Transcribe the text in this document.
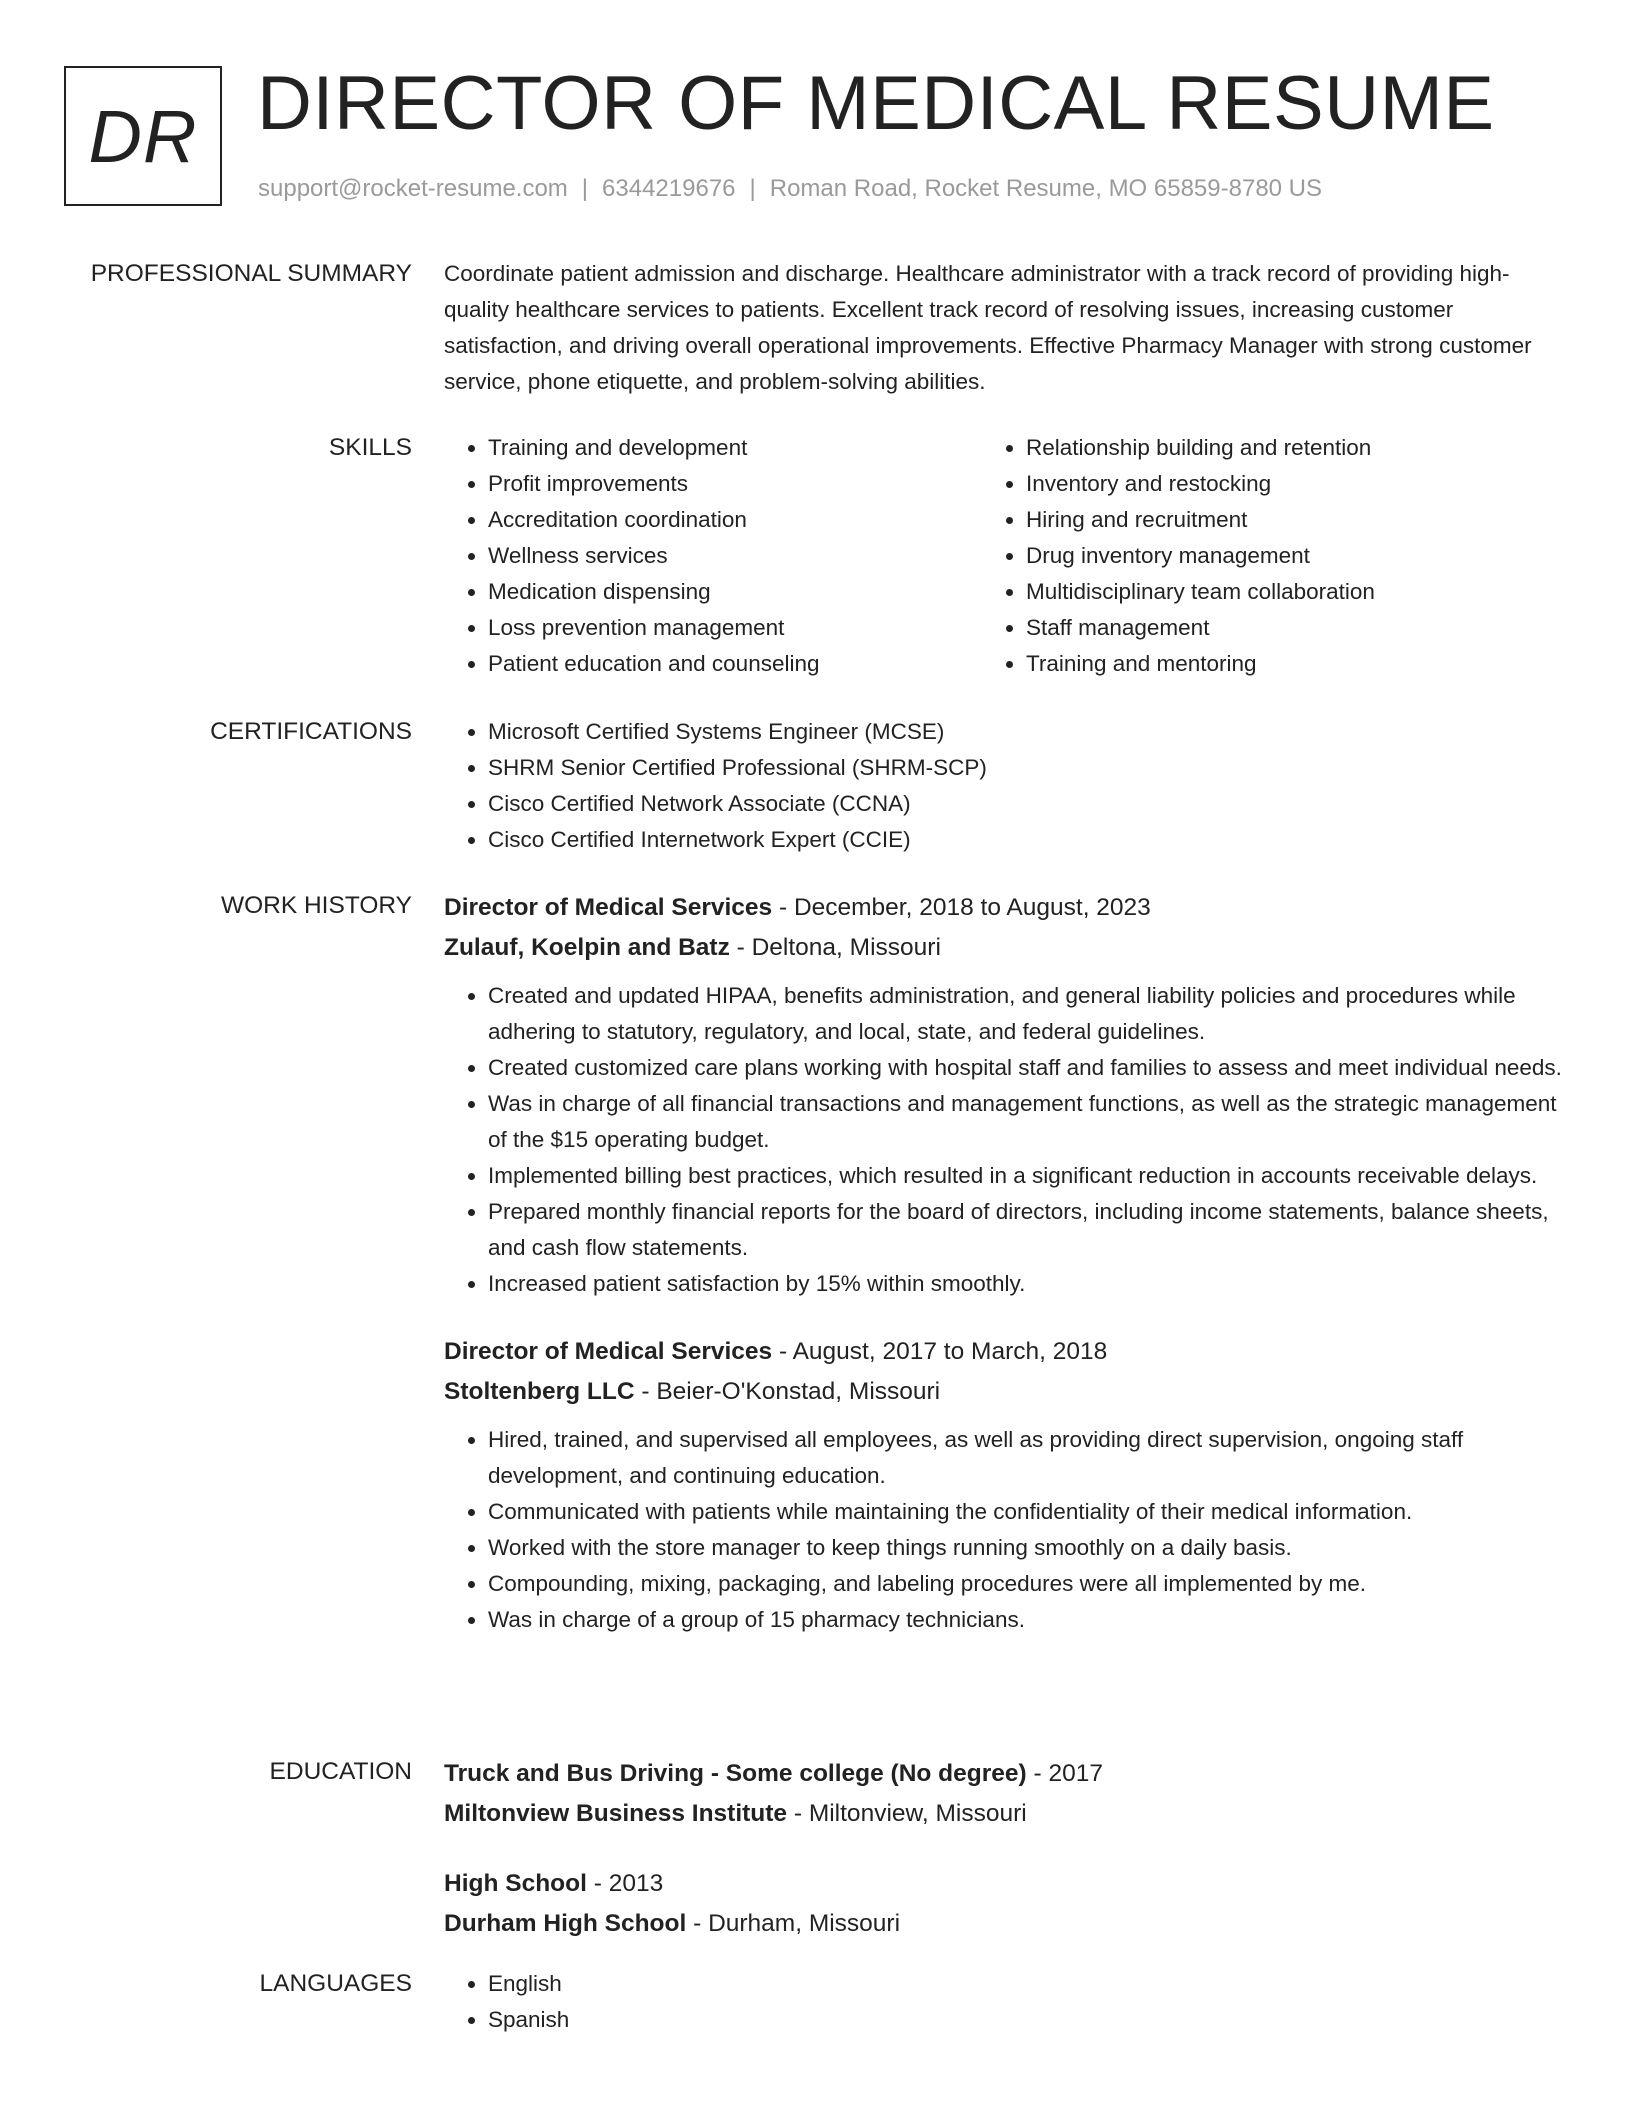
DR DIRECTOR OF MEDICAL RESUME
support@rocket-resume.com | 6344219676 | Roman Road, Rocket Resume, MO 65859-8780 US
PROFESSIONAL SUMMARY Coordinate patient admission and discharge. Healthcare administrator with a track record of providing high-quality healthcare services to patients. Excellent track record of resolving issues, increasing customer satisfaction, and driving overall operational improvements. Effective Pharmacy Manager with strong customer service, phone etiquette, and problem-solving abilities.
SKILLS	• Training and development
• Profit improvements
• Accreditation coordination
• Wellness services
• Medication dispensing
• Loss prevention management
• Patient education and counseling
• Relationship building and retention
• Inventory and restocking
• Hiring and recruitment
• Drug inventory management
• Multidisciplinary team collaboration
• Staff management
• Training and mentoring
CERTIFICATIONS	• Microsoft Certified Systems Engineer (MCSE)
• SHRM Senior Certified Professional (SHRM-SCP)
• Cisco Certified Network Associate (CCNA)
• Cisco Certified Internetwork Expert (CCIE)
WORK HISTORY Director of Medical Services - December, 2018 to August, 2023
Zulauf, Koelpin and Batz - Deltona, Missouri
• Created and updated HIPAA, benefits administration, and general liability policies and procedures while adhering to statutory, regulatory, and local, state, and federal guidelines.
• Created customized care plans working with hospital staff and families to assess and meet individual needs.
• Was in charge of all financial transactions and management functions, as well as the strategic management of the $15 operating budget.
• Implemented billing best practices, which resulted in a significant reduction in accounts receivable delays.
• Prepared monthly financial reports for the board of directors, including income statements, balance sheets, and cash flow statements.
• Increased patient satisfaction by 15% within smoothly.
Director of Medical Services - August, 2017 to March, 2018
Stoltenberg LLC - Beier-O'Konstad, Missouri
• Hired, trained, and supervised all employees, as well as providing direct supervision, ongoing staff development, and continuing education.
• Communicated with patients while maintaining the confidentiality of their medical information.
• Worked with the store manager to keep things running smoothly on a daily basis.
• Compounding, mixing, packaging, and labeling procedures were all implemented by me.
• Was in charge of a group of 15 pharmacy technicians.
EDUCATION Truck and Bus Driving - Some college (No degree) - 2017
Miltonview Business Institute - Miltonview, Missouri
High School - 2013
Durham High School - Durham, Missouri
LANGUAGES	• English
• Spanish
